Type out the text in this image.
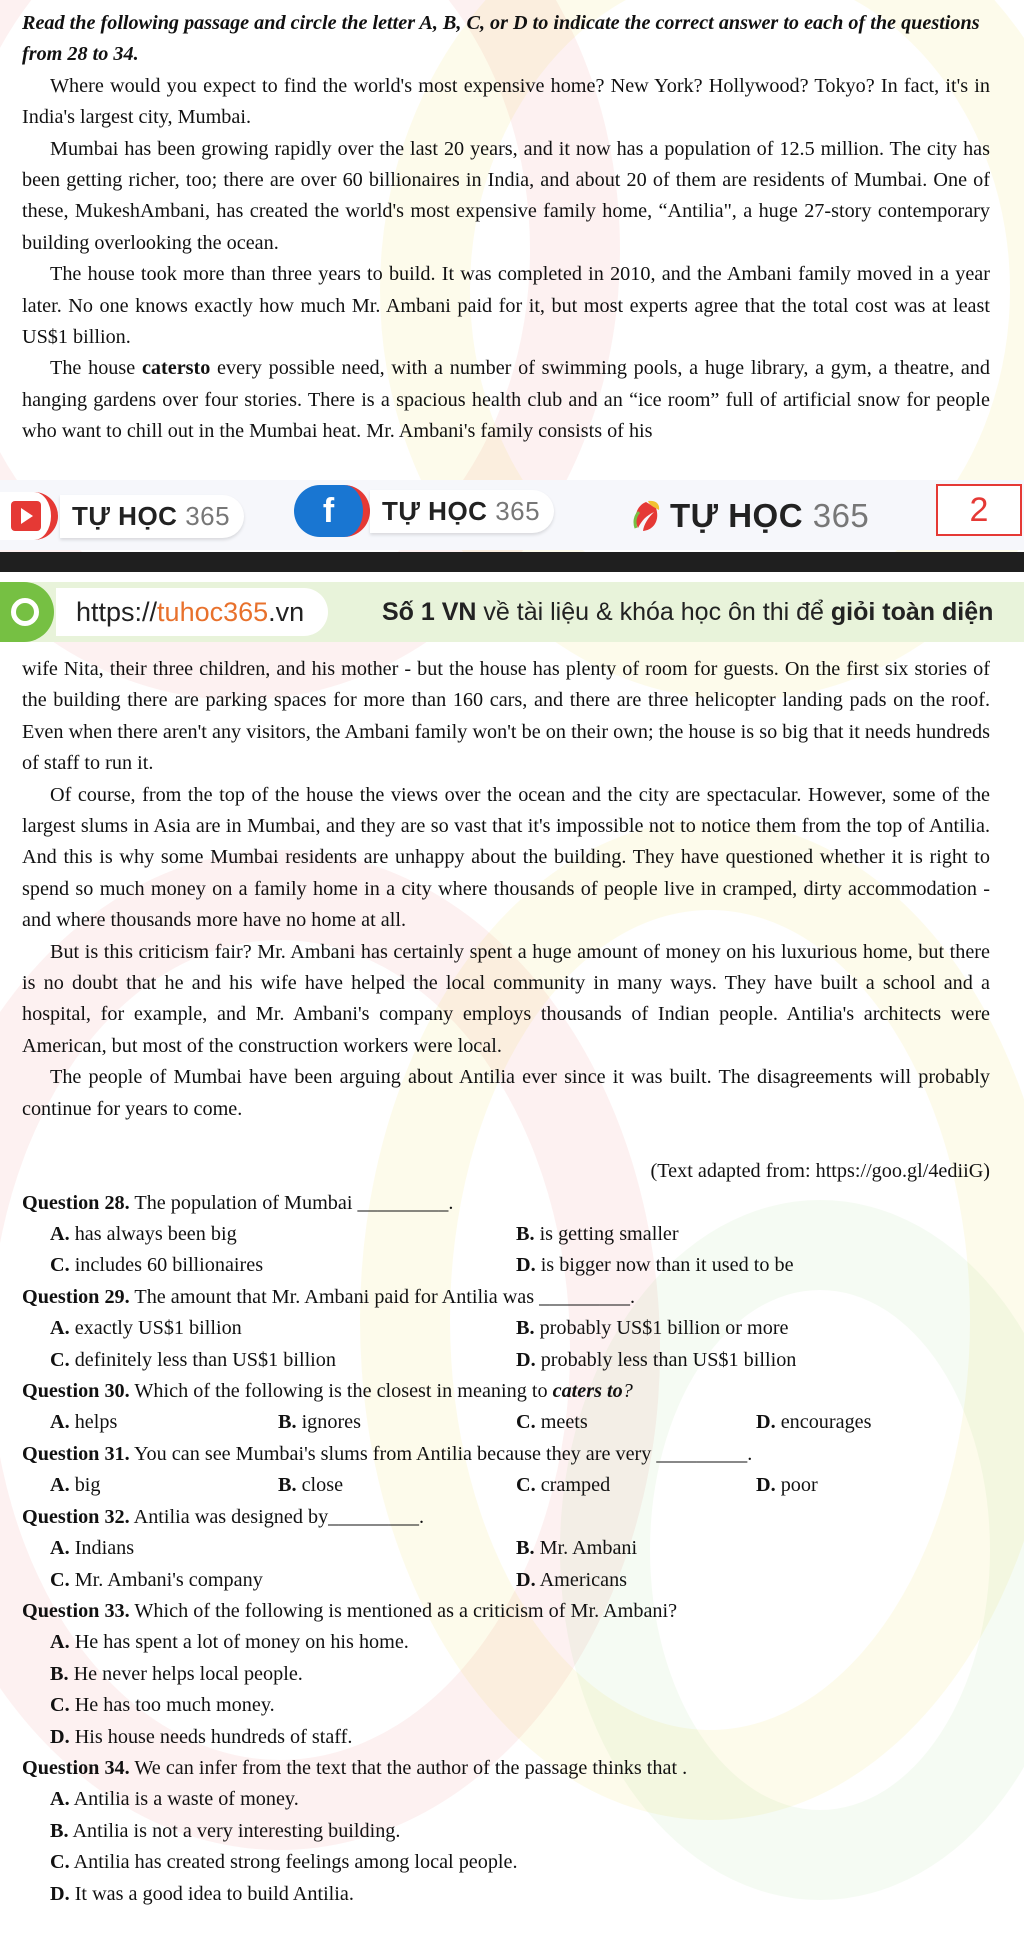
Read the following passage and circle the letter A, B, C, or D to indicate the correct answer to each of the questions from 28 to 34.

Where would you expect to find the world's most expensive home? New York? Hollywood? Tokyo? In fact, it's in India's largest city, Mumbai.

Mumbai has been growing rapidly over the last 20 years, and it now has a population of 12.5 million. The city has been getting richer, too; there are over 60 billionaires in India, and about 20 of them are residents of Mumbai. One of these, MukeshAmbani, has created the world's most expensive family home, “Antilia", a huge 27-story contemporary building overlooking the ocean.

The house took more than three years to build. It was completed in 2010, and the Ambani family moved in a year later. No one knows exactly how much Mr. Ambani paid for it, but most experts agree that the total cost was at least US$1 billion.

The house catersto every possible need, with a number of swimming pools, a huge library, a gym, a theatre, and hanging gardens over four stories. There is a spacious health club and an “ice room” full of artificial snow for people who want to chill out in the Mumbai heat. Mr. Ambani's family consists of his

TỰ HỌC 365	f	TỰ HỌC 365	TỰ HỌC 365	2
https:// tuhoc365 .vn	Số 1 VN về tài liệu & khóa học ôn thi để giỏi toàn diện

wife Nita, their three children, and his mother - but the house has plenty of room for guests. On the first six stories of the building there are parking spaces for more than 160 cars, and there are three helicopter landing pads on the roof. Even when there aren't any visitors, the Ambani family won't be on their own; the house is so big that it needs hundreds of staff to run it.

Of course, from the top of the house the views over the ocean and the city are spectacular. However, some of the largest slums in Asia are in Mumbai, and they are so vast that it's impossible not to notice them from the top of Antilia. And this is why some Mumbai residents are unhappy about the building. They have questioned whether it is right to spend so much money on a family home in a city where thousands of people live in cramped, dirty accommodation - and where thousands more have no home at all.

But is this criticism fair? Mr. Ambani has certainly spent a huge amount of money on his luxurious home, but there is no doubt that he and his wife have helped the local community in many ways. They have built a school and a hospital, for example, and Mr. Ambani's company employs thousands of Indian people. Antilia's architects were American, but most of the construction workers were local.

The people of Mumbai have been arguing about Antilia ever since it was built. The disagreements will probably continue for years to come.

(Text adapted from: https://goo.gl/4ediiG)
Question 28. The population of Mumbai _________.
A. has always been big	B. is getting smaller
C. includes 60 billionaires	D. is bigger now than it used to be
Question 29. The amount that Mr. Ambani paid for Antilia was _________.
A. exactly US$1 billion	B. probably US$1 billion or more
C. definitely less than US$1 billion	D. probably less than US$1 billion
Question 30. Which of the following is the closest in meaning to caters to?
A. helps	B. ignores	C. meets	D. encourages
Question 31. You can see Mumbai's slums from Antilia because they are very _________.
A. big	B. close	C. cramped	D. poor
Question 32. Antilia was designed by_________.
A. Indians	B. Mr. Ambani
C. Mr. Ambani's company	D. Americans
Question 33. Which of the following is mentioned as a criticism of Mr. Ambani?
A. He has spent a lot of money on his home.
B. He never helps local people.
C. He has too much money.
D. His house needs hundreds of staff.
Question 34. We can infer from the text that the author of the passage thinks that .
A. Antilia is a waste of money.
B. Antilia is not a very interesting building.
C. Antilia has created strong feelings among local people.
D. It was a good idea to build Antilia.
